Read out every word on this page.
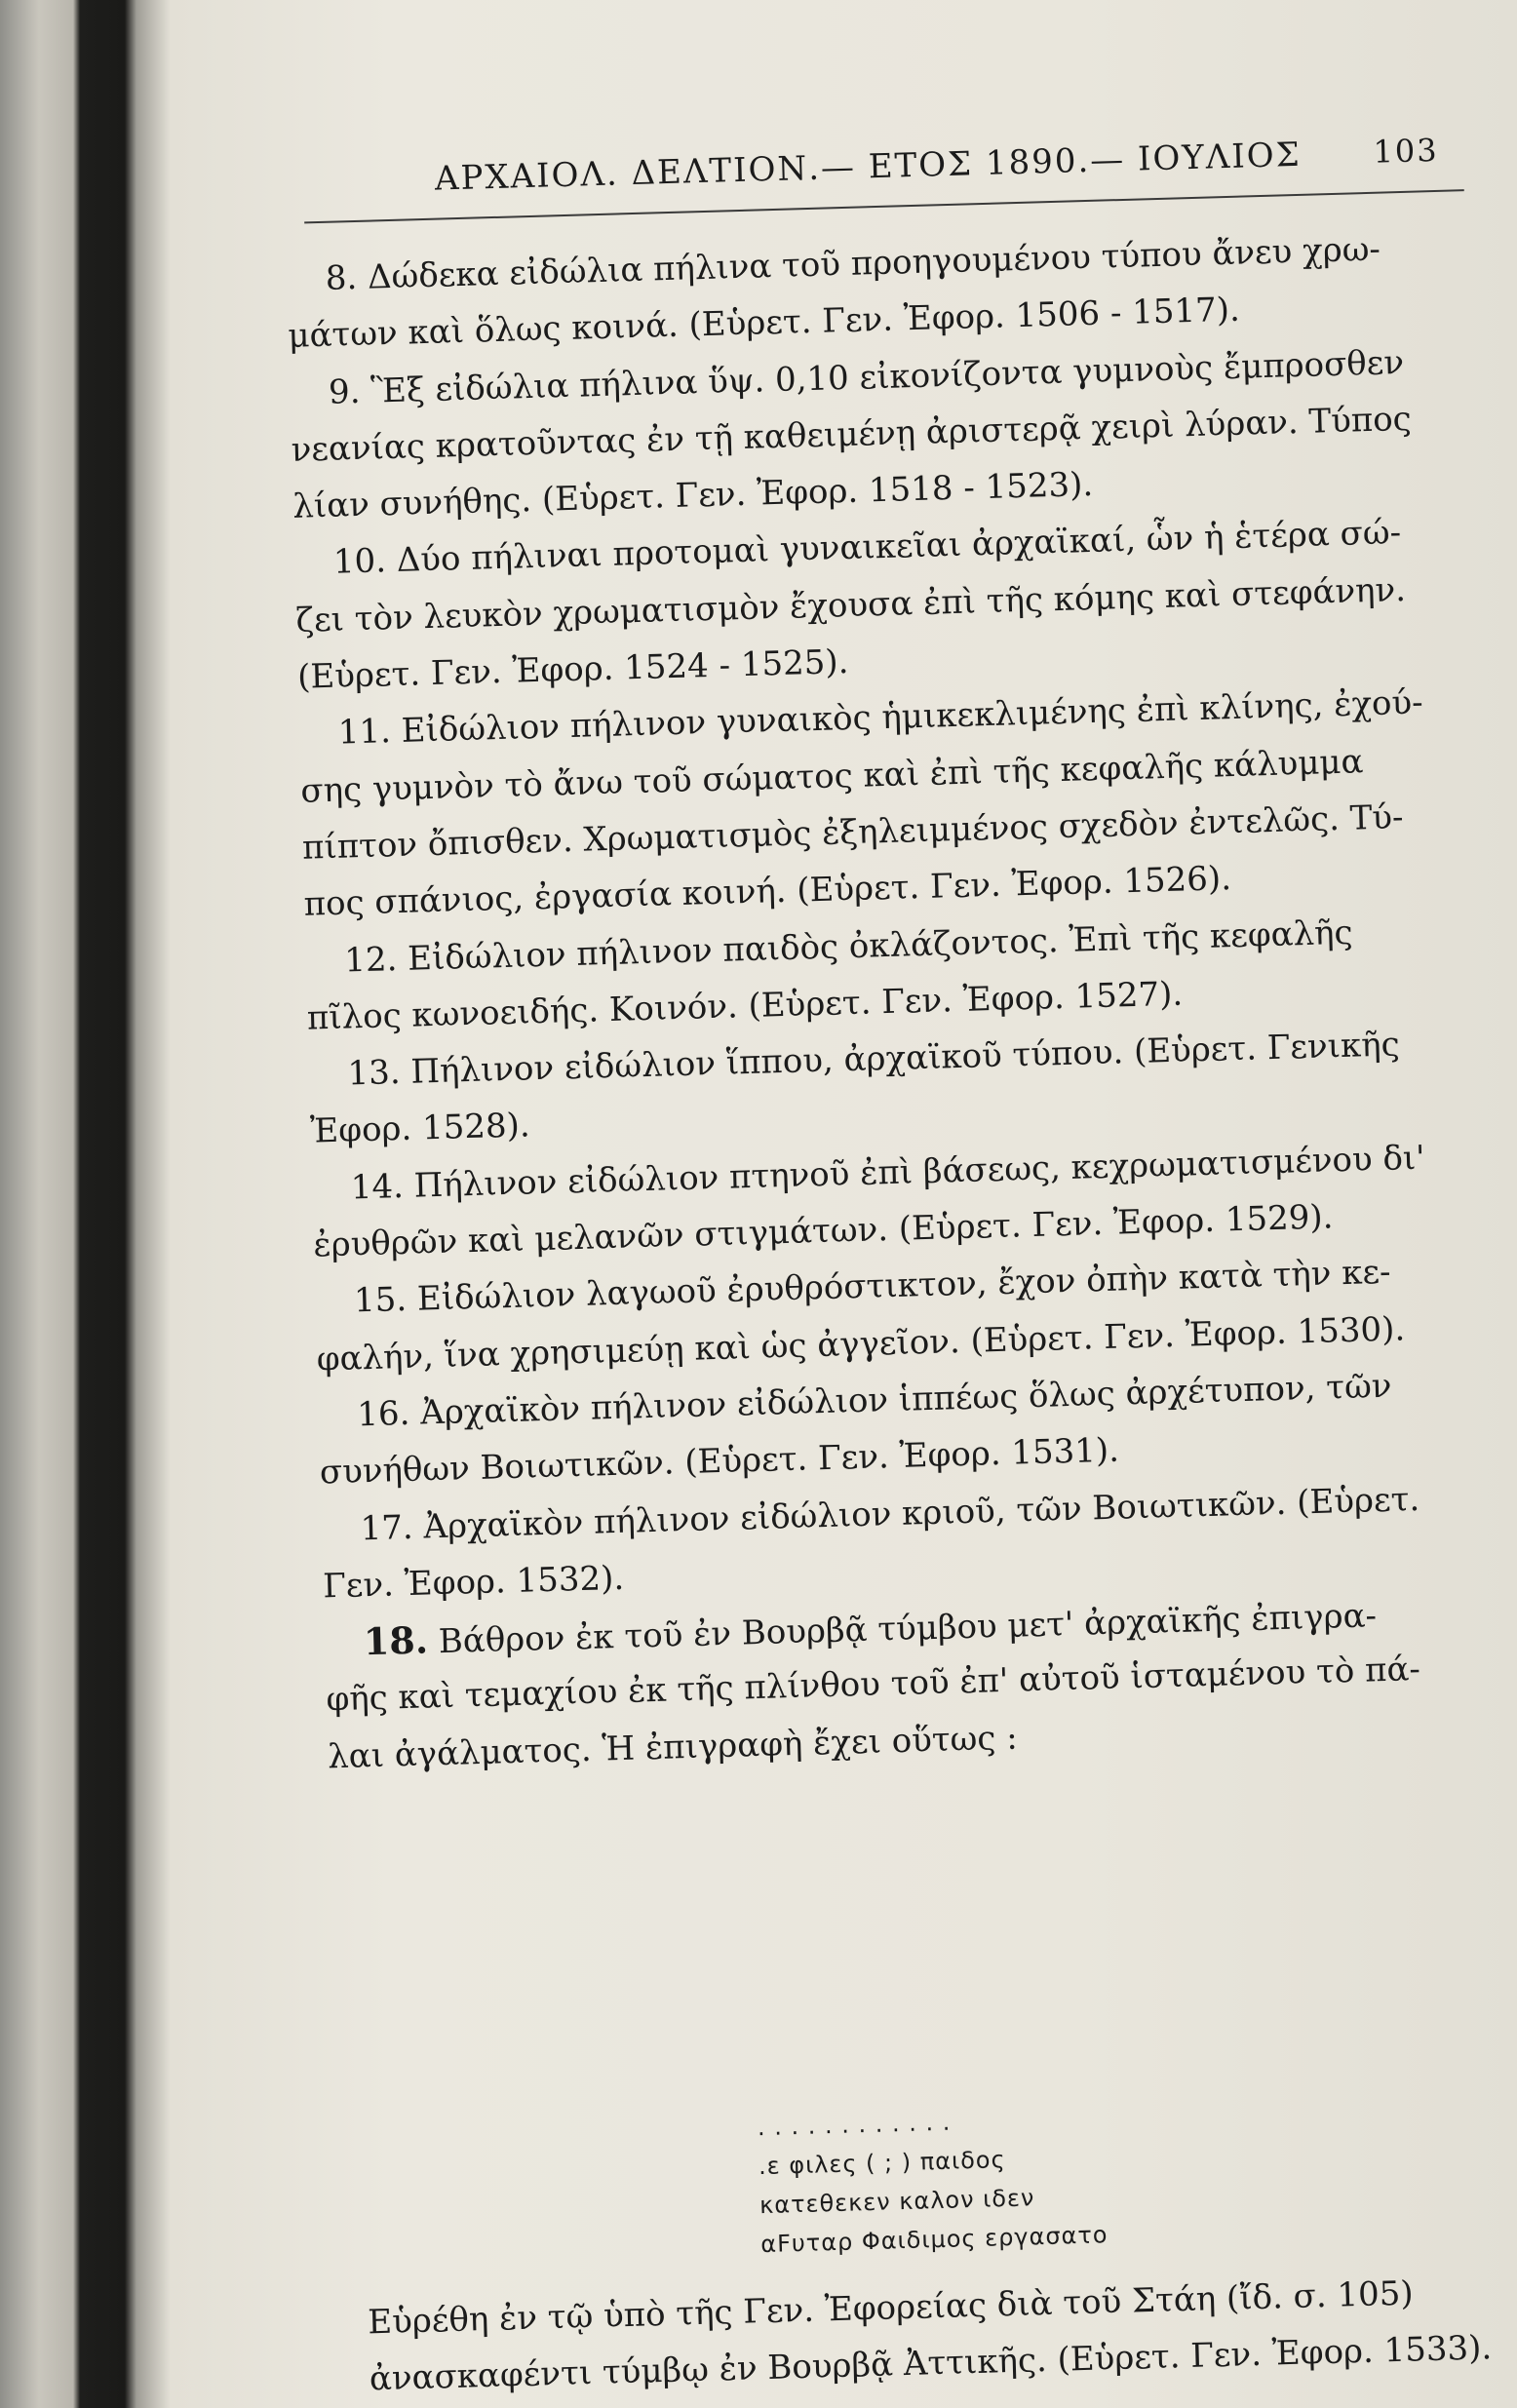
ΑΡΧΑΙΟΛ. ΔΕΛΤΙΟΝ.— ΕΤΟΣ 1890.— ΙΟΥΛΙΟΣ 103
8. Δώδεκα εἰδώλια πήλινα τοῦ προηγουμένου τύπου ἄνευ χρω-
μάτων καὶ ὅλως κοινά. (Εὑρετ. Γεν. Ἐφορ. 1506 - 1517).
9. Ἓξ εἰδώλια πήλινα ὕψ. 0,10 εἰκονίζοντα γυμνοὺς ἔμπροσθεν
νεανίας κρατοῦντας ἐν τῇ καθειμένῃ ἀριστερᾷ χειρὶ λύραν. Τύπος
λίαν συνήθης. (Εὑρετ. Γεν. Ἐφορ. 1518 - 1523).
10. Δύο πήλιναι προτομαὶ γυναικεῖαι ἀρχαϊκαί, ὧν ἡ ἑτέρα σώ-
ζει τὸν λευκὸν χρωματισμὸν ἔχουσα ἐπὶ τῆς κόμης καὶ στεφάνην.
(Εὑρετ. Γεν. Ἐφορ. 1524 - 1525).
11. Εἰδώλιον πήλινον γυναικὸς ἡμικεκλιμένης ἐπὶ κλίνης, ἐχού-
σης γυμνὸν τὸ ἄνω τοῦ σώματος καὶ ἐπὶ τῆς κεφαλῆς κάλυμμα
πίπτον ὄπισθεν. Χρωματισμὸς ἐξηλειμμένος σχεδὸν ἐντελῶς. Τύ-
πος σπάνιος, ἐργασία κοινή. (Εὑρετ. Γεν. Ἐφορ. 1526).
12. Εἰδώλιον πήλινον παιδὸς ὀκλάζοντος. Ἐπὶ τῆς κεφαλῆς
πῖλος κωνοειδής. Κοινόν. (Εὑρετ. Γεν. Ἐφορ. 1527).
13. Πήλινον εἰδώλιον ἵππου, ἀρχαϊκοῦ τύπου. (Εὑρετ. Γενικῆς
Ἐφορ. 1528).
14. Πήλινον εἰδώλιον πτηνοῦ ἐπὶ βάσεως, κεχρωματισμένου δι'
ἐρυθρῶν καὶ μελανῶν στιγμάτων. (Εὑρετ. Γεν. Ἐφορ. 1529).
15. Εἰδώλιον λαγωοῦ ἐρυθρόστικτον, ἔχον ὀπὴν κατὰ τὴν κε-
φαλήν, ἵνα χρησιμεύῃ καὶ ὡς ἀγγεῖον. (Εὑρετ. Γεν. Ἐφορ. 1530).
16. Ἀρχαϊκὸν πήλινον εἰδώλιον ἱππέως ὅλως ἀρχέτυπον, τῶν
συνήθων Βοιωτικῶν. (Εὑρετ. Γεν. Ἐφορ. 1531).
17. Ἀρχαϊκὸν πήλινον εἰδώλιον κριοῦ, τῶν Βοιωτικῶν. (Εὑρετ.
Γεν. Ἐφορ. 1532).
18. Βάθρον ἐκ τοῦ ἐν Βουρβᾷ τύμβου μετ' ἀρχαϊκῆς ἐπιγρα-
φῆς καὶ τεμαχίου ἐκ τῆς πλίνθου τοῦ ἐπ' αὐτοῦ ἱσταμένου τὸ πά-
λαι ἀγάλματος. Ἡ ἐπιγραφὴ ἔχει οὕτως :
. . . . . . . . . . . .
.ε φιλες ( ; ) παιδος
κατεθεκεν καλον ιδεν
αFυταρ Φαιδιμος εργασατο
Εὑρέθη ἐν τῷ ὑπὸ τῆς Γεν. Ἐφορείας διὰ τοῦ Στάη (ἴδ. σ. 105)
ἀνασκαφέντι τύμβῳ ἐν Βουρβᾷ Ἀττικῆς. (Εὑρετ. Γεν. Ἐφορ. 1533).
